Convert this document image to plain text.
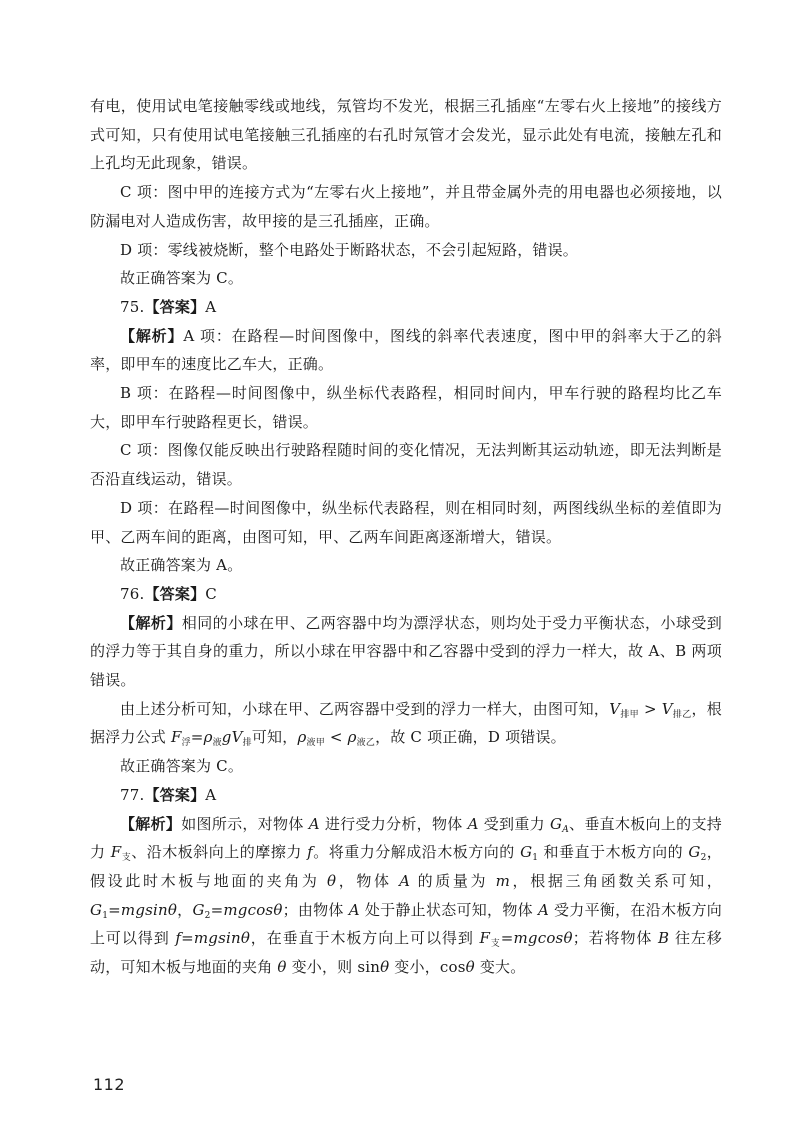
有电，使用试电笔接触零线或地线，氖管均不发光，根据三孔插座“左零右火上接地”的接线方式可知，只有使用试电笔接触三孔插座的右孔时氖管才会发光，显示此处有电流，接触左孔和上孔均无此现象，错误。

C 项：图中甲的连接方式为“左零右火上接地”，并且带金属外壳的用电器也必须接地，以防漏电对人造成伤害，故甲接的是三孔插座，正确。

D 项：零线被烧断，整个电路处于断路状态，不会引起短路，错误。

故正确答案为 C。

75.【答案】A

【解析】A 项：在路程—时间图像中，图线的斜率代表速度，图中甲的斜率大于乙的斜率，即甲车的速度比乙车大，正确。

B 项：在路程—时间图像中，纵坐标代表路程，相同时间内，甲车行驶的路程均比乙车大，即甲车行驶路程更长，错误。

C 项：图像仅能反映出行驶路程随时间的变化情况，无法判断其运动轨迹，即无法判断是否沿直线运动，错误。

D 项：在路程—时间图像中，纵坐标代表路程，则在相同时刻，两图线纵坐标的差值即为甲、乙两车间的距离，由图可知，甲、乙两车间距离逐渐增大，错误。

故正确答案为 A。

76.【答案】C

【解析】相同的小球在甲、乙两容器中均为漂浮状态，则均处于受力平衡状态，小球受到的浮力等于其自身的重力，所以小球在甲容器中和乙容器中受到的浮力一样大，故 A、B 两项错误。

由上述分析可知，小球在甲、乙两容器中受到的浮力一样大，由图可知，$V_{排甲} > V_{排乙}$，根据浮力公式 $F_浮=\rho_液gV_排$可知，$\rho_{液甲} < \rho_{液乙}$，故 C 项正确，D 项错误。

故正确答案为 C。

77.【答案】A

【解析】如图所示，对物体 A 进行受力分析，物体 A 受到重力 $G_A$、垂直木板向上的支持力 $F_支$、沿木板斜向上的摩擦力 f。将重力分解成沿木板方向的 $G_1$ 和垂直于木板方向的 $G_2$，假设此时木板与地面的夹角为 θ，物体 A 的质量为 m，根据三角函数关系可知，$G_1=mgsin\theta$，$G_2=mgcos\theta$；由物体 A 处于静止状态可知，物体 A 受力平衡，在沿木板方向上可以得到 f=mgsinθ，在垂直于木板方向上可以得到 $F_支=mgcos\theta$；若将物体 B 往左移动，可知木板与地面的夹角 θ 变小，则 sinθ 变小，cosθ 变大。

112
